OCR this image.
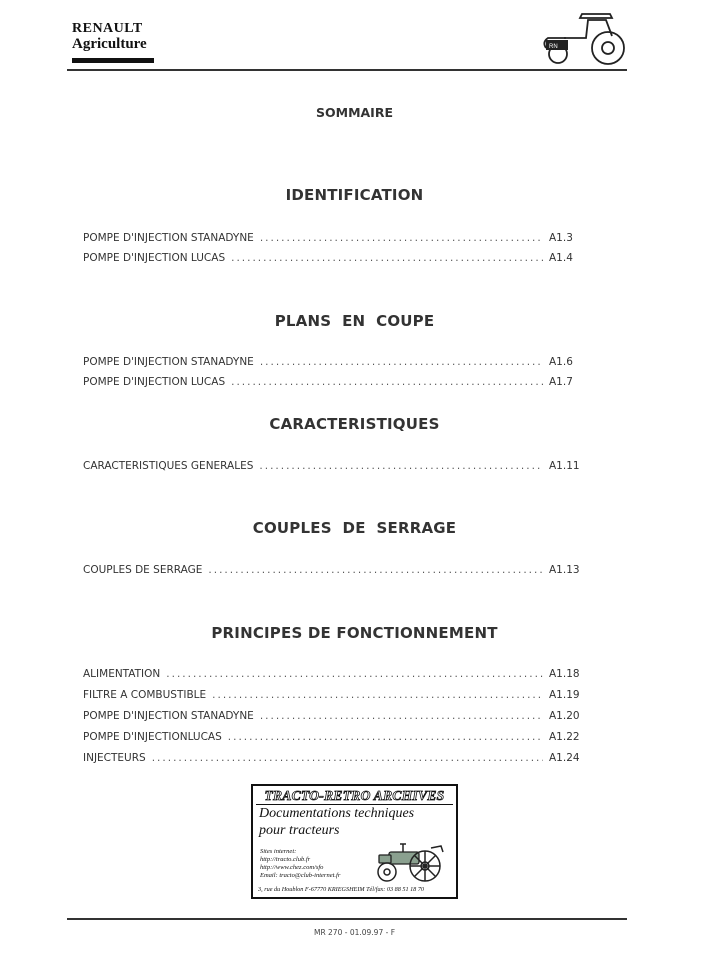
RENAULT
Agriculture	RN
SOMMAIRE
IDENTIFICATION
POMPE D'INJECTION STANADYNE .....	A1.3
POMPE D'INJECTION LUCAS .....	A1.4
PLANS  EN  COUPE
POMPE D'INJECTION STANADYNE .....	A1.6
POMPE D'INJECTION LUCAS .....	A1.7
CARACTERISTIQUES
CARACTERISTIQUES GENERALES .....	A1.11
COUPLES  DE  SERRAGE
COUPLES DE SERRAGE .....	A1.13
PRINCIPES DE FONCTIONNEMENT
ALIMENTATION .....	A1.18
FILTRE A COMBUSTIBLE .....	A1.19
POMPE D'INJECTION STANADYNE .....	A1.20
POMPE D'INJECTIONLUCAS .....	A1.22
INJECTEURS .....	A1.24
TRACTO-RETRO ARCHIVES
Documentations techniques
pour tracteurs
Sites internet:
http://tracto.club.fr
http://www.chez.com/sfo
Email: tracto@club-internet.fr
3, rue du Houblon F-67770 KRIEGSHEIM Tél/fax: 03 88 51 18 70
MR 270 - 01.09.97 - F
